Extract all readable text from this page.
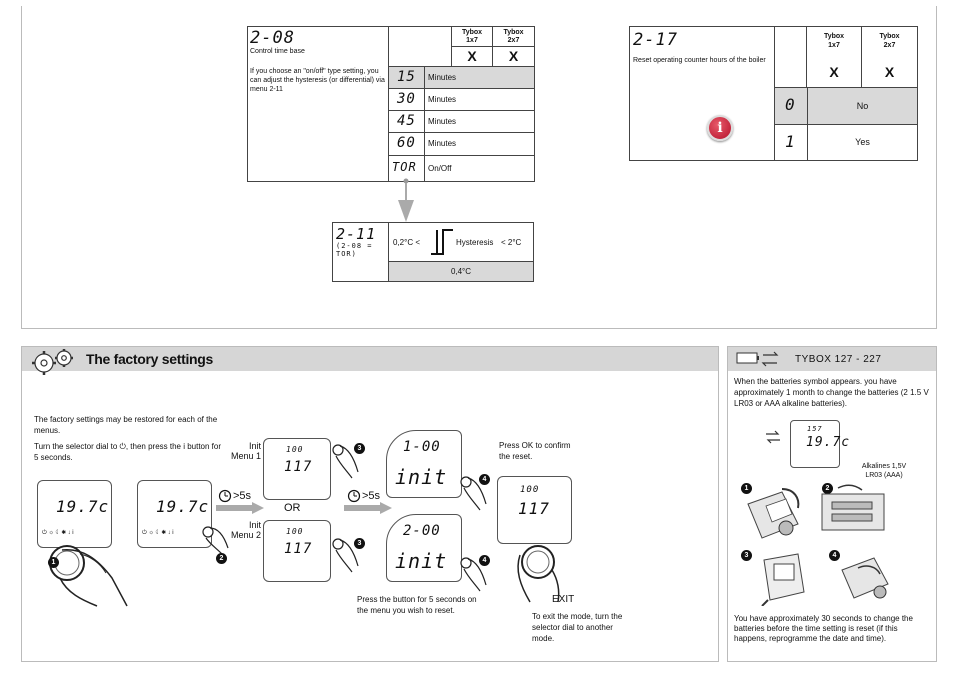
2-08
Control time base
If you choose an "on/off" type setting, you can adjust the hysteresis (or differential) via menu 2-11
Tybox
1x7
Tybox
2x7
X	X
15	Minutes
30	Minutes
45	Minutes
60	Minutes
TOR	On/Off
2-11
(2-08 = TOR)
0,2°C <	Hysteresis < 2°C
0,4°C
2-17
Reset operating counter hours of the boiler
i
Tybox
1x7
Tybox
2x7
X	X
0	No
1	Yes
The factory settings
The factory settings may be restored for each of the menus.
Turn the selector dial to ⏻, then press the i button for 5 seconds.
19.7c
⏻ ☼ ☾ ✱ ↓ i
1
19.7c
⏻ ☼ ☾ ✱ ↓ i
2
>5s	>5s
Init
Menu 1
Init
Menu 2
OR
100
117
3
100
117	3
1-00
init	4
2-00
init	4
Press OK to confirm the reset.
Press the button for 5 seconds on the menu you wish to reset.
100
117
EXIT
To exit the mode, turn the selector dial to another mode.
TYBOX 127 - 227
When the batteries symbol appears. you have approximately 1 month to change the batteries (2 1.5 V LR03 or AAA alkaline batteries).
157
19.7c
Alkalines 1,5V LR03 (AAA)
1	2
3	4
You have approximately 30 seconds to change the batteries before the time setting is reset (if this happens, reprogramme the date and time).
